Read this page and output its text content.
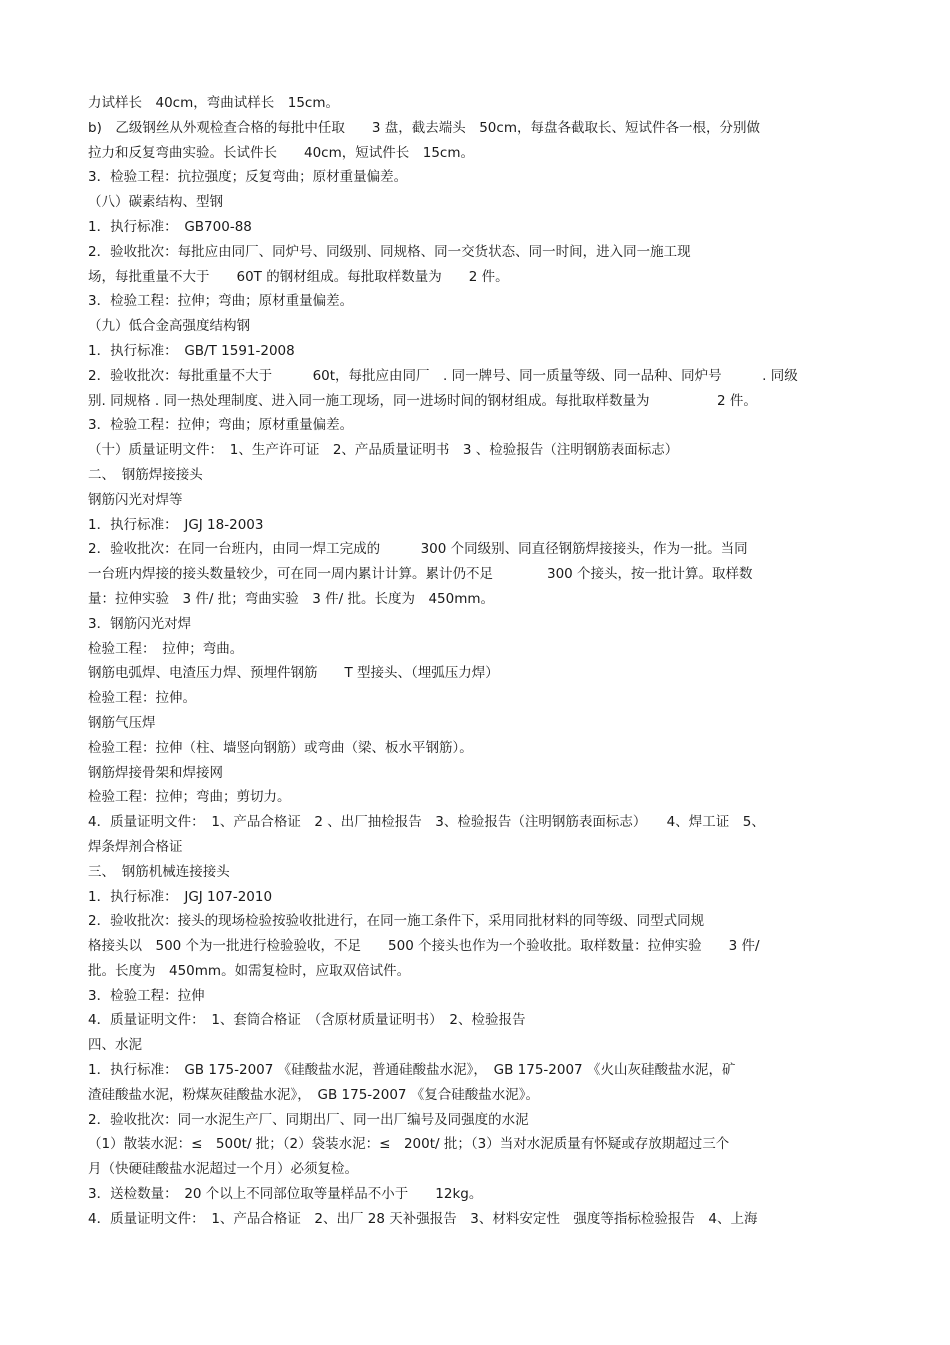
力试样长　40cm，弯曲试样长　15cm。
b)　乙级钢丝从外观检查合格的每批中任取　　3 盘，截去端头　50cm，每盘各截取长、短试件各一根，分别做
拉力和反复弯曲实验。长试件长　　40cm，短试件长　15cm。
3．检验工程：抗拉强度；反复弯曲；原材重量偏差。
（八）碳素结构、型钢
1．执行标准：　GB700-88
2．验收批次：每批应由同厂、同炉号、同级别、同规格、同一交货状态、同一时间，进入同一施工现
场，每批重量不大于　　60T 的钢材组成。每批取样数量为　　2 件。
3．检验工程：拉伸；弯曲；原材重量偏差。
（九）低合金高强度结构钢
1．执行标准：　GB/T 1591-2008
2．验收批次：每批重量不大于　　　60t，每批应由同厂　. 同一牌号、同一质量等级、同一品种、同炉号　　　. 同级
别. 同规格 . 同一热处理制度、进入同一施工现场，同一进场时间的钢材组成。每批取样数量为　　　　　2 件。
3．检验工程：拉伸；弯曲；原材重量偏差。
（十）质量证明文件：　1、生产许可证　2、产品质量证明书　3 、检验报告（注明钢筋表面标志）
二、　钢筋焊接接头
钢筋闪光对焊等
1．执行标准：　JGJ 18-2003
2．验收批次：在同一台班内，由同一焊工完成的　　　300 个同级别、同直径钢筋焊接接头，作为一批。当同
一台班内焊接的接头数量较少，可在同一周内累计计算。累计仍不足　　　　300 个接头，按一批计算。取样数
量：拉伸实验　3 件/ 批；弯曲实验　3 件/ 批。长度为　450mm。
3．钢筋闪光对焊
检验工程：　拉伸；弯曲。
钢筋电弧焊、电渣压力焊、预埋件钢筋　　T 型接头、（埋弧压力焊）
检验工程：拉伸。
钢筋气压焊
检验工程：拉伸（柱、墙竖向钢筋）或弯曲（梁、板水平钢筋）。
钢筋焊接骨架和焊接网
检验工程：拉伸；弯曲；剪切力。
4．质量证明文件：　1、产品合格证　2 、出厂抽检报告　3、检验报告（注明钢筋表面标志）　　4、焊工证　5、
焊条焊剂合格证
三、　钢筋机械连接接头
1．执行标准：　JGJ 107-2010
2．验收批次：接头的现场检验按验收批进行，在同一施工条件下，采用同批材料的同等级、同型式同规
格接头以　500 个为一批进行检验验收，不足　　500 个接头也作为一个验收批。取样数量：拉伸实验　　3 件/
批。长度为　450mm。如需复检时，应取双倍试件。
3．检验工程：拉伸
4．质量证明文件：　1、套筒合格证　（含原材质量证明书）　2、检验报告
四、水泥
1．执行标准：　GB 175-2007 《硅酸盐水泥，普通硅酸盐水泥》，　GB 175-2007 《火山灰硅酸盐水泥，矿
渣硅酸盐水泥，粉煤灰硅酸盐水泥》，　GB 175-2007 《复合硅酸盐水泥》。
2．验收批次：同一水泥生产厂、同期出厂、同一出厂编号及同强度的水泥
（1）散装水泥：≤　500t/ 批；（2）袋装水泥：≤　200t/ 批；（3）当对水泥质量有怀疑或存放期超过三个
月（快硬硅酸盐水泥超过一个月）必须复检。
3．送检数量：　20 个以上不同部位取等量样品不小于　　12kg。
4．质量证明文件：　1、产品合格证　2、出厂 28 天补强报告　3、材料安定性　强度等指标检验报告　4、上海
